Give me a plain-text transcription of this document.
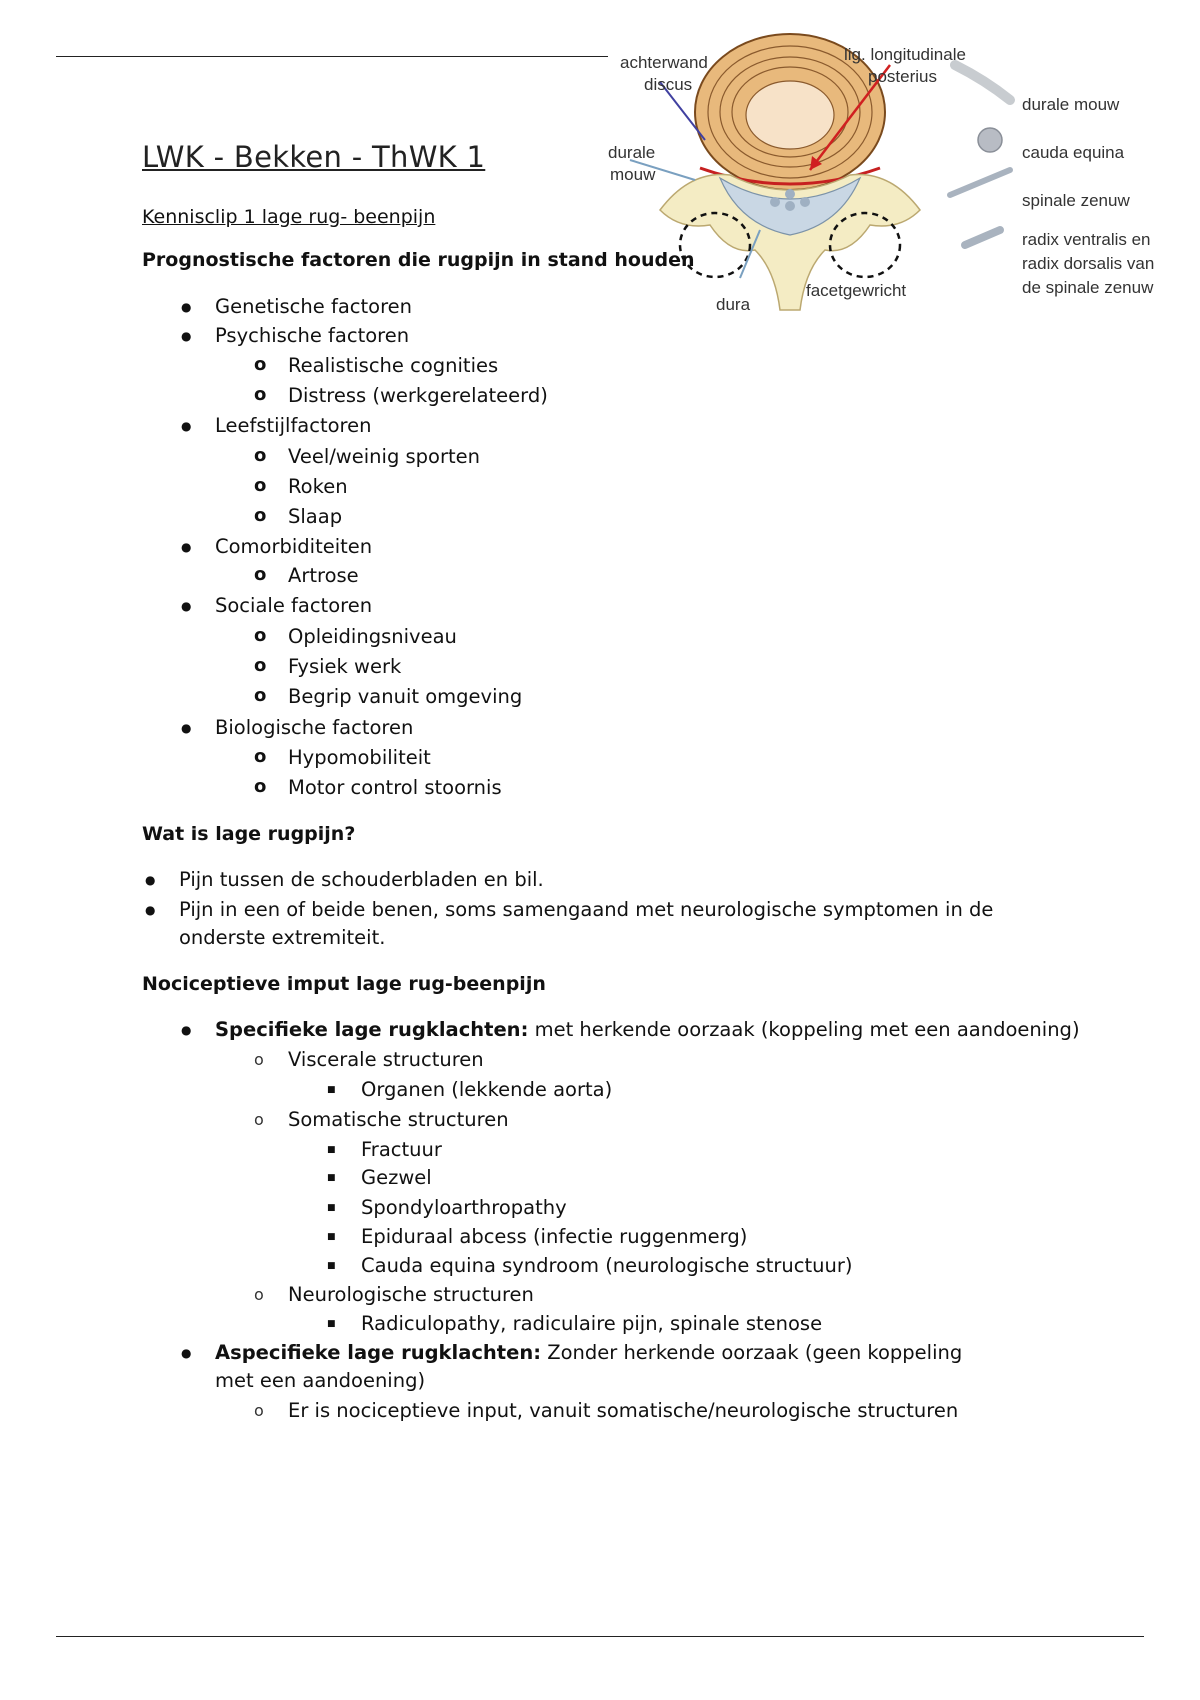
achterwand
discus
lig. longitudinale
posterius
durale
mouw
dura
facetgewricht
durale mouw
cauda equina
spinale zenuw
radix ventralis en
radix dorsalis van
de spinale zenuw
LWK - Bekken - ThWK 1
Kennisclip 1 lage rug- beenpijn
Prognostische factoren die rugpijn in stand houden
● Genetische factoren
● Psychische factoren
o Realistische cognities
o Distress (werkgerelateerd)
● Leefstijlfactoren
o Veel/weinig sporten
o Roken
o Slaap
● Comorbiditeiten
o Artrose
● Sociale factoren
o Opleidingsniveau
o Fysiek werk
o Begrip vanuit omgeving
● Biologische factoren
o Hypomobiliteit
o Motor control stoornis
Wat is lage rugpijn?
● Pijn tussen de schouderbladen en bil.
● Pijn in een of beide benen, soms samengaand met neurologische symptomen in de onderste extremiteit.
Nociceptieve imput lage rug-beenpijn
● Specifieke lage rugklachten: met herkende oorzaak (koppeling met een aandoening)
o Viscerale structuren
■ Organen (lekkende aorta)
o Somatische structuren
■ Fractuur
■ Gezwel
■ Spondyloarthropathy
■ Epiduraal abcess (infectie ruggenmerg)
■ Cauda equina syndroom (neurologische structuur)
o Neurologische structuren
■ Radiculopathy, radiculaire pijn, spinale stenose
● Aspecifieke lage rugklachten: Zonder herkende oorzaak (geen koppeling met een aandoening)
o Er is nociceptieve input, vanuit somatische/neurologische structuren
